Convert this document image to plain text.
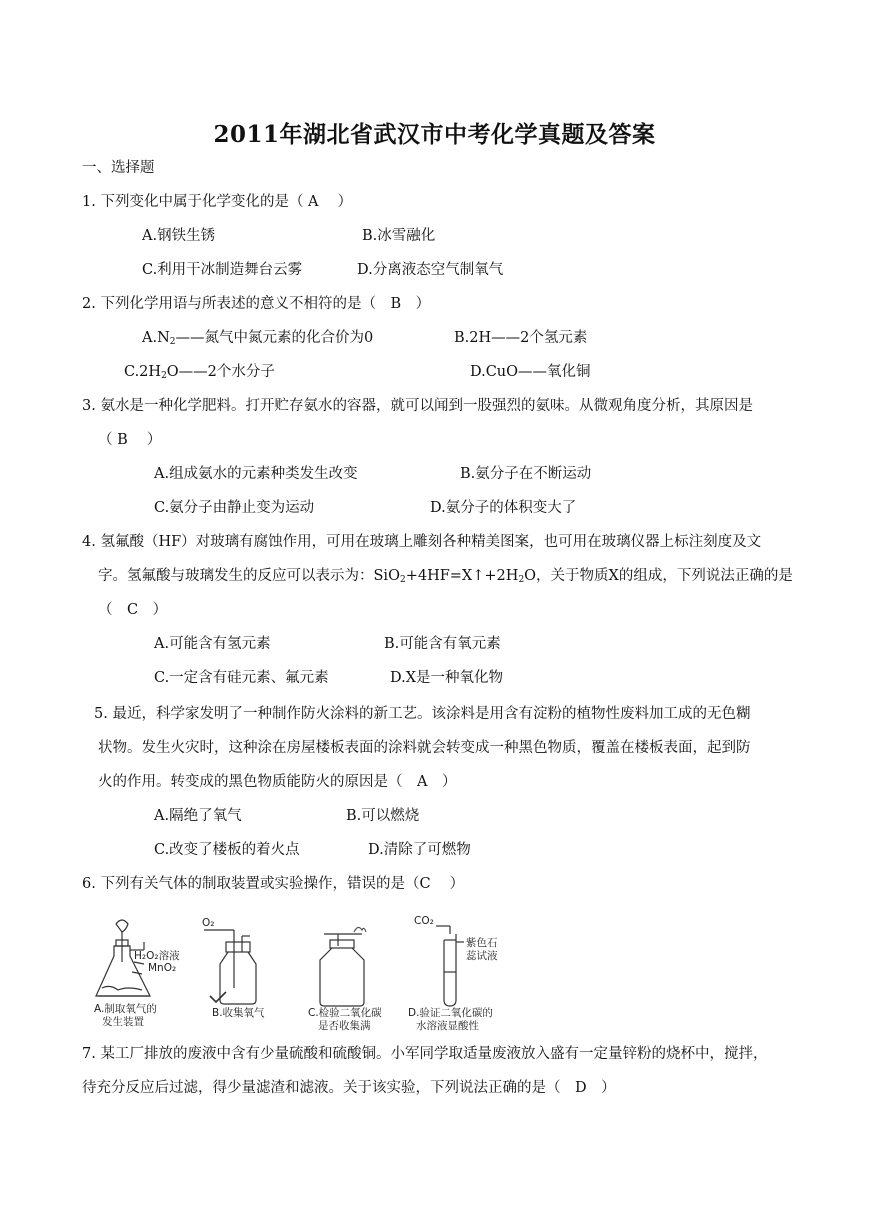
2011年湖北省武汉市中考化学真题及答案
一、选择题
1. 下列变化中属于化学变化的是（ A　 ）
A.钢铁生锈	B.冰雪融化
C.利用干冰制造舞台云雾	D.分离液态空气制氧气
2. 下列化学用语与所表述的意义不相符的是（　B　）
$A.N_2——$氮气中氮元素的化合价为0	B.2H——2个氢元素
$C.2H_2O——2$个水分子	D.CuO——氧化铜
3. 氨水是一种化学肥料。打开贮存氨水的容器，就可以闻到一股强烈的氨味。从微观角度分析，其原因是
（ B　 ）
A.组成氨水的元素种类发生改变	B.氨分子在不断运动
C.氨分子由静止变为运动	D.氨分子的体积变大了
4. 氢氟酸（HF）对玻璃有腐蚀作用，可用在玻璃上雕刻各种精美图案，也可用在玻璃仪器上标注刻度及文
字。氢氟酸与玻璃发生的反应可以表示为：$SiO_2+4HF=X↑+2H_2O$，关于物质X的组成，下列说法正确的是
（　C　）
A.可能含有氢元素	B.可能含有氧元素
C.一定含有硅元素、氟元素	D.X是一种氧化物
5. 最近，科学家发明了一种制作防火涂料的新工艺。该涂料是用含有淀粉的植物性废料加工成的无色糊
状物。发生火灾时，这种涂在房屋楼板表面的涂料就会转变成一种黑色物质，覆盖在楼板表面，起到防
火的作用。转变成的黑色物质能防火的原因是（　A　）
A.隔绝了氧气	B.可以燃烧
C.改变了楼板的着火点	D.清除了可燃物
6. 下列有关气体的制取装置或实验操作，错误的是（C　 ）
H₂O₂溶液
MnO₂
A.制取氧气的
发生装置
O₂
B.收集氧气	C.检验二氧化碳
是否收集满
CO₂
紫色石
蕊试液
D.验证二氧化碳的
水溶液显酸性
7. 某工厂排放的废液中含有少量硫酸和硫酸铜。小军同学取适量废液放入盛有一定量锌粉的烧杯中，搅拌，
待充分反应后过滤，得少量滤渣和滤液。关于该实验，下列说法正确的是（　D　）
